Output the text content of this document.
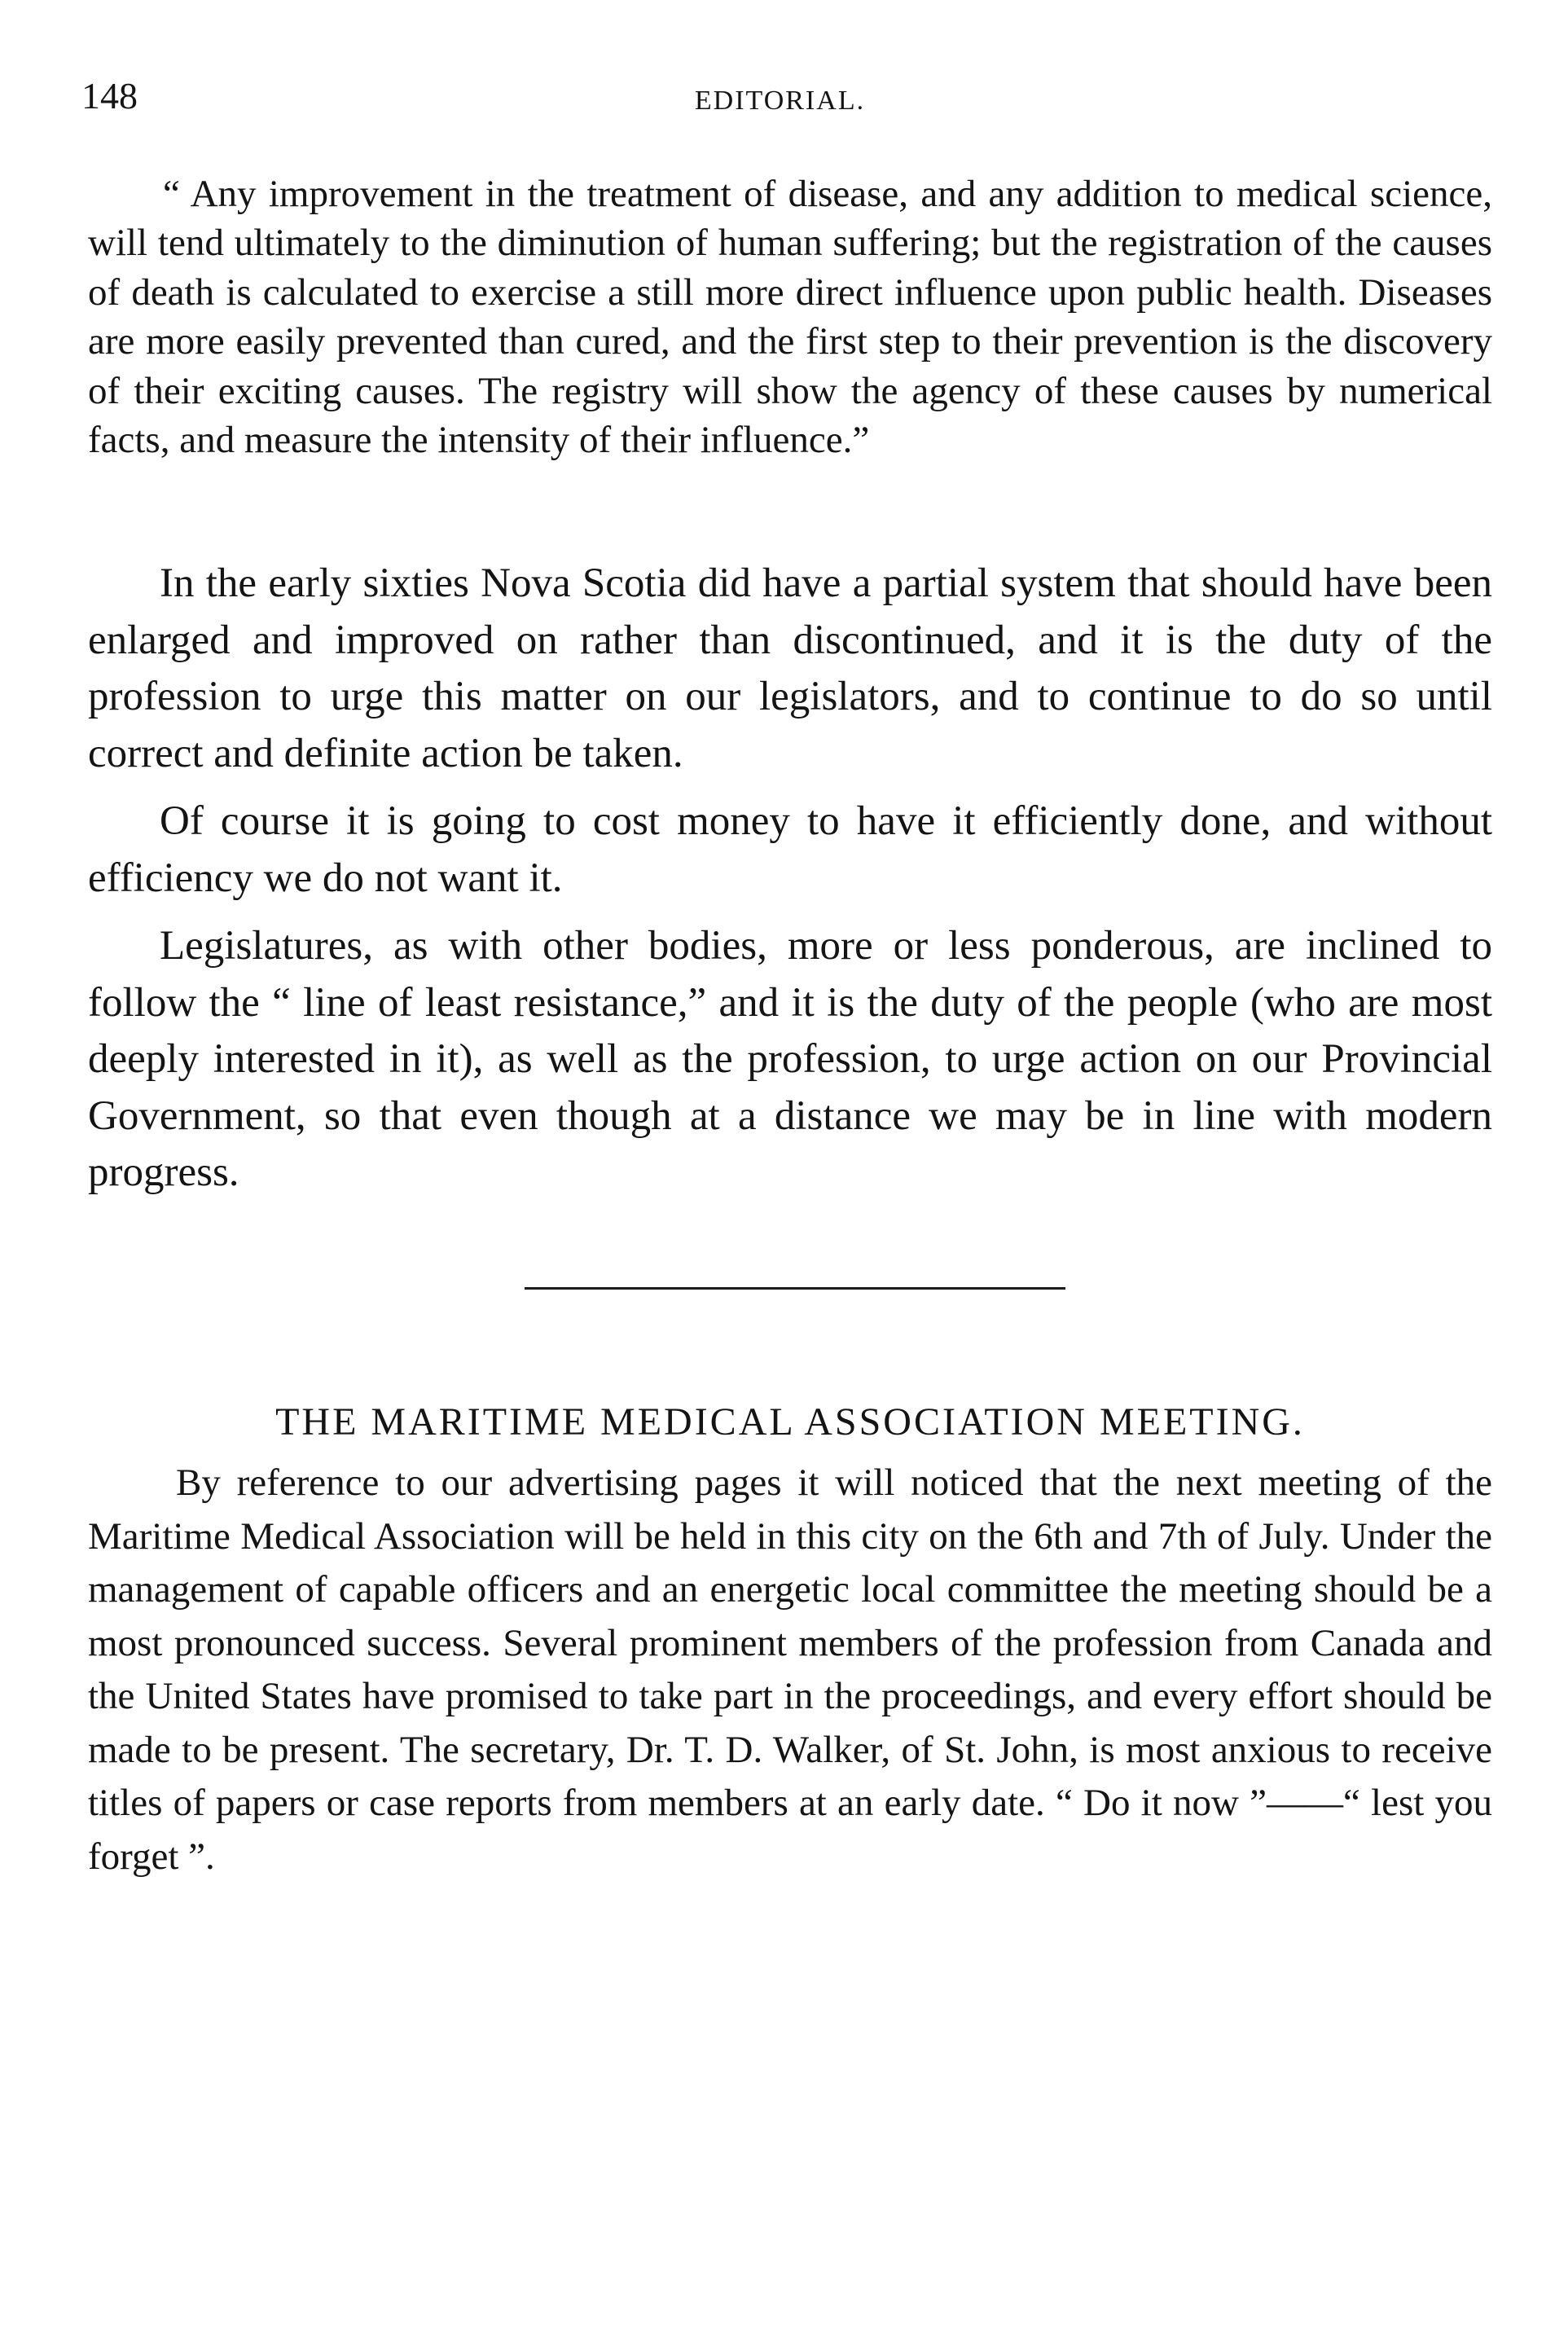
148	EDITORIAL.

“ Any improvement in the treatment of disease, and any addition to medical science, will tend ultimately to the diminution of human suffering; but the registration of the causes of death is calculated to exercise a still more direct influence upon public health. Diseases are more easily prevented than cured, and the first step to their prevention is the discovery of their exciting causes. The registry will show the agency of these causes by numerical facts, and measure the intensity of their influence.”

In the early sixties Nova Scotia did have a partial system that should have been enlarged and improved on rather than discontinued, and it is the duty of the profession to urge this matter on our legislators, and to continue to do so until correct and definite action be taken.

Of course it is going to cost money to have it efficiently done, and without efficiency we do not want it.

Legislatures, as with other bodies, more or less ponderous, are inclined to follow the “ line of least resistance,” and it is the duty of the people (who are most deeply interested in it), as well as the profession, to urge action on our Provincial Government, so that even though at a distance we may be in line with modern progress.

THE MARITIME MEDICAL ASSOCIATION MEETING.

By reference to our advertising pages it will noticed that the next meeting of the Maritime Medical Association will be held in this city on the 6th and 7th of July. Under the management of capable officers and an energetic local committee the meeting should be a most pronounced success. Several prominent members of the profession from Canada and the United States have promised to take part in the proceedings, and every effort should be made to be present. The secretary, Dr. T. D. Walker, of St. John, is most anxious to receive titles of papers or case reports from members at an early date. “ Do it now ”——“ lest you forget ”.
